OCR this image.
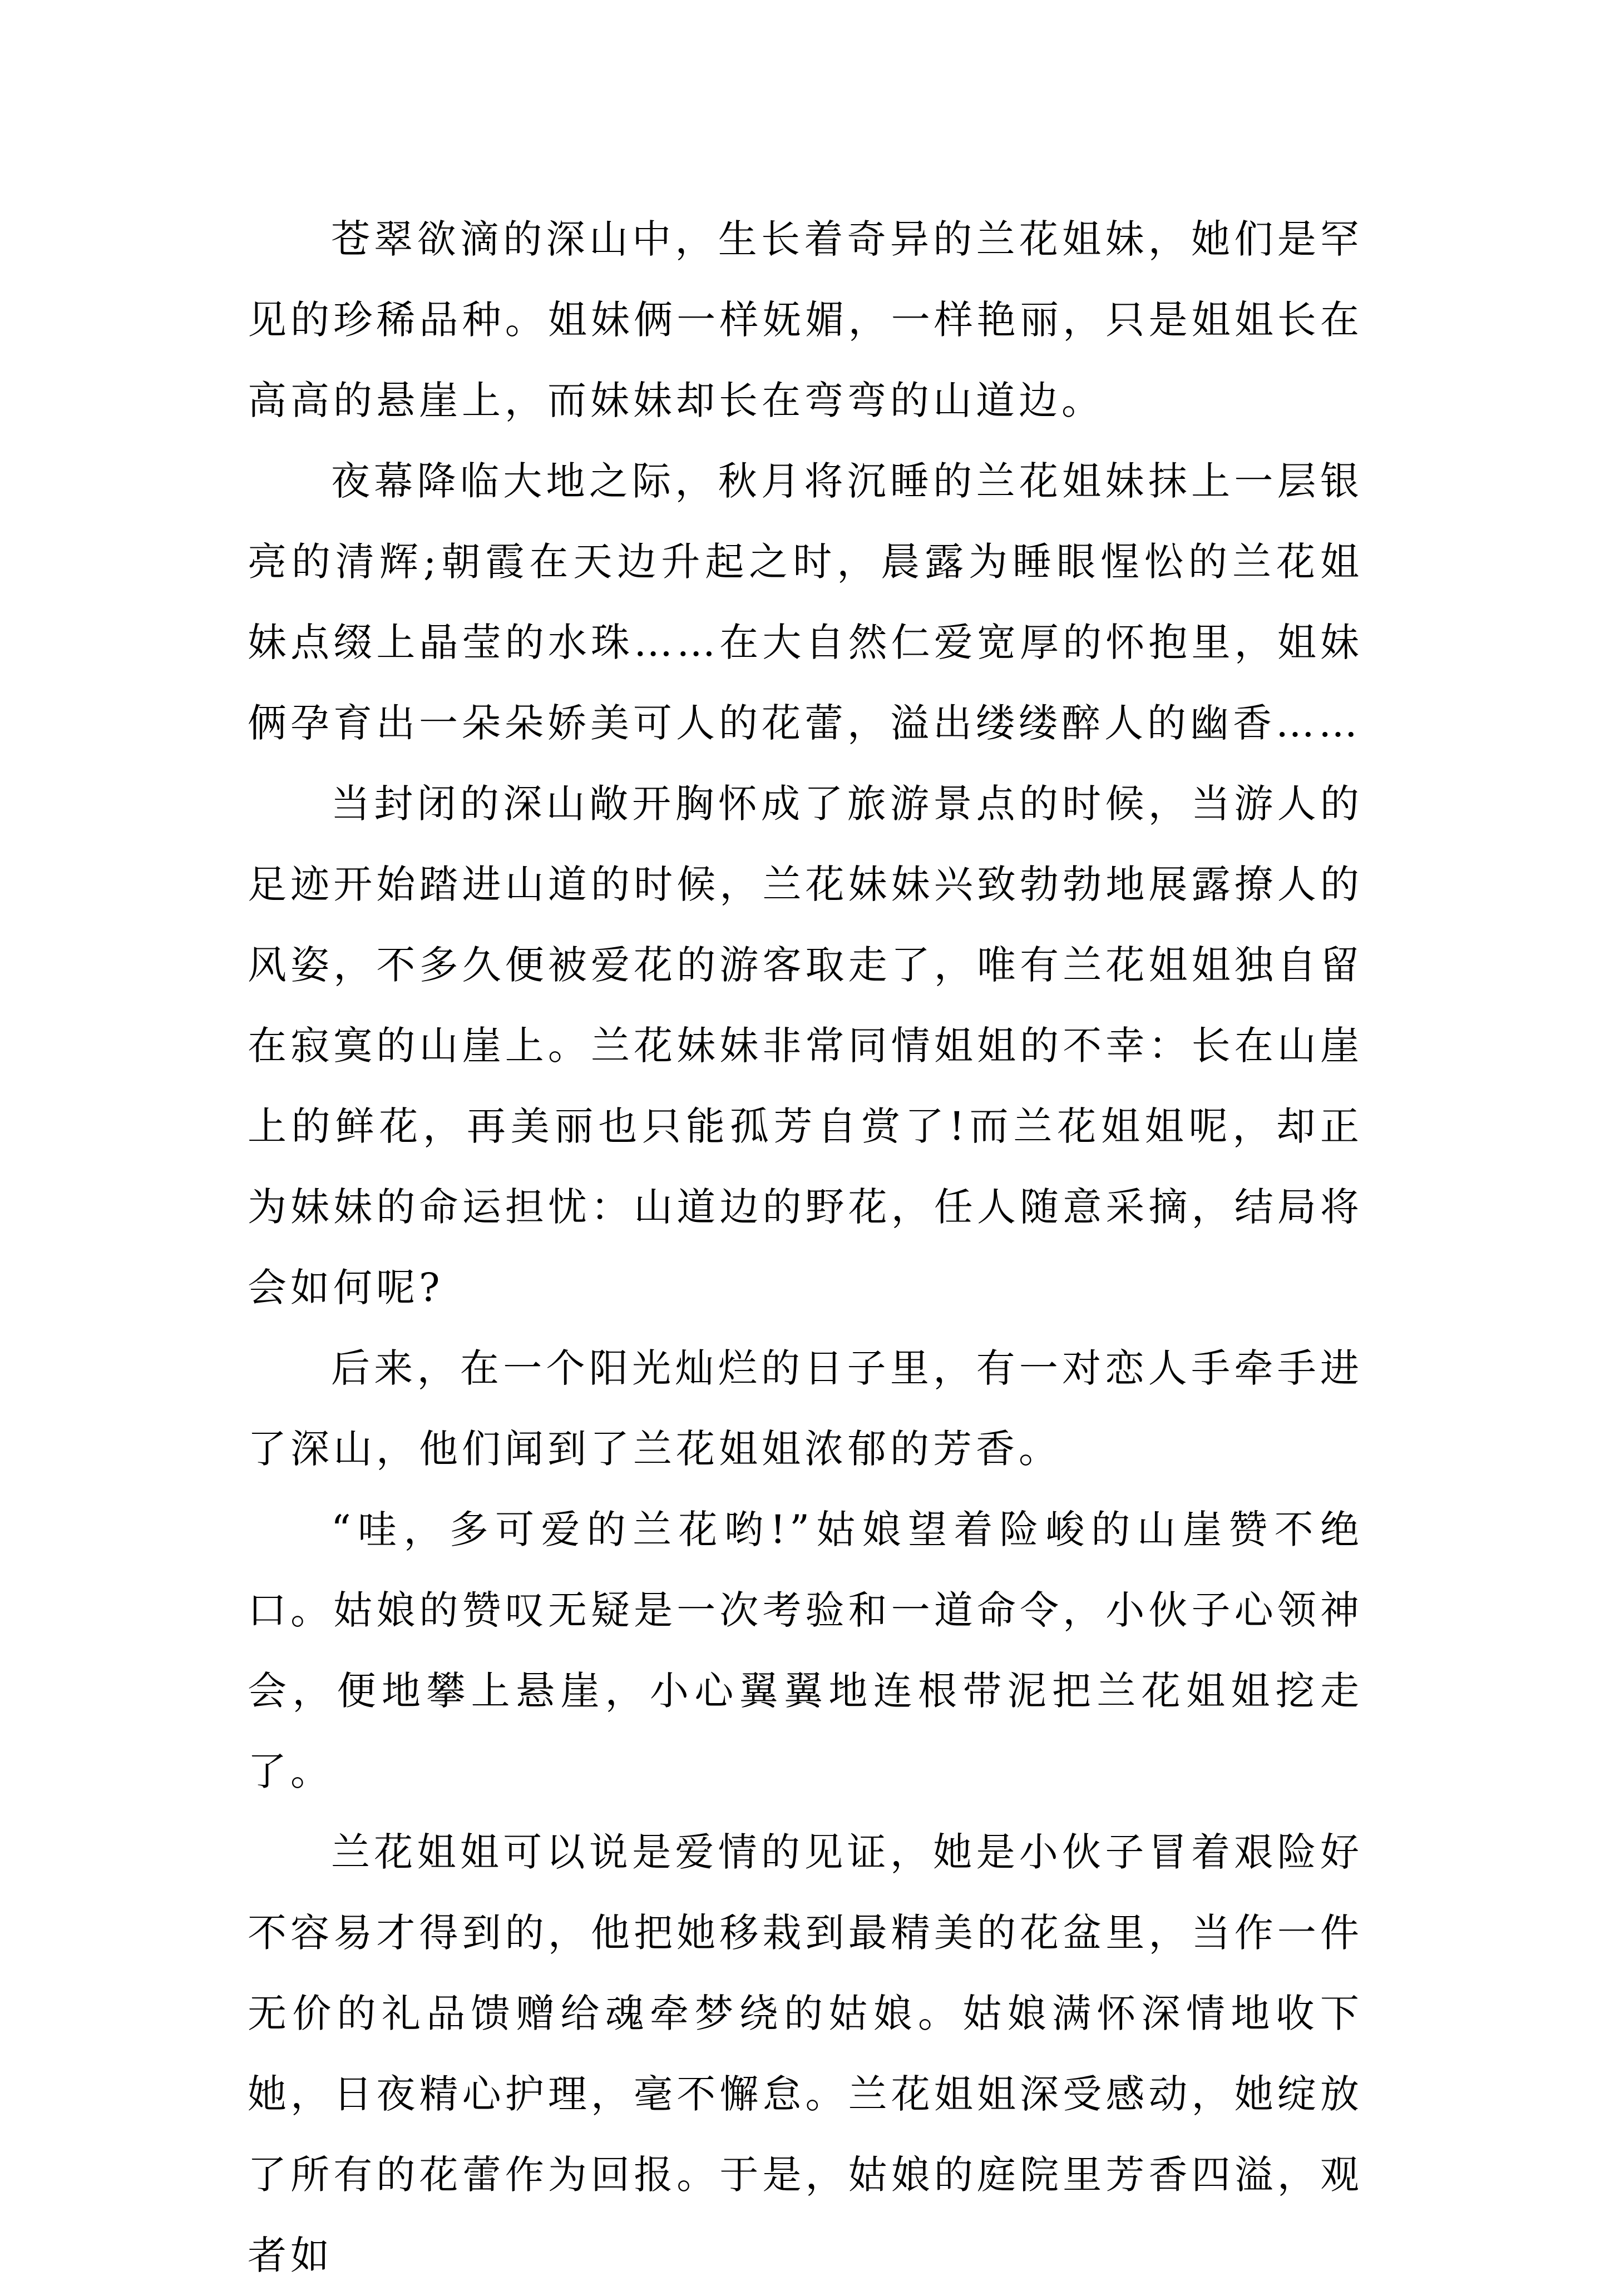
苍翠欲滴的深山中，生长着奇异的兰花姐妹，她们是罕见的珍稀品种。姐妹俩一样妩媚，一样艳丽，只是姐姐长在高高的悬崖上，而妹妹却长在弯弯的山道边。

夜幕降临大地之际，秋月将沉睡的兰花姐妹抹上一层银亮的清辉;朝霞在天边升起之时，晨露为睡眼惺忪的兰花姐妹点缀上晶莹的水珠……在大自然仁爱宽厚的怀抱里，姐妹俩孕育出一朵朵娇美可人的花蕾，溢出缕缕醉人的幽香……

当封闭的深山敞开胸怀成了旅游景点的时候，当游人的足迹开始踏进山道的时候，兰花妹妹兴致勃勃地展露撩人的风姿，不多久便被爱花的游客取走了，唯有兰花姐姐独自留在寂寞的山崖上。兰花妹妹非常同情姐姐的不幸：长在山崖上的鲜花，再美丽也只能孤芳自赏了!而兰花姐姐呢，却正为妹妹的命运担忧：山道边的野花，任人随意采摘，结局将会如何呢?

后来，在一个阳光灿烂的日子里，有一对恋人手牵手进了深山，他们闻到了兰花姐姐浓郁的芳香。

“哇，多可爱的兰花哟!”姑娘望着险峻的山崖赞不绝口。姑娘的赞叹无疑是一次考验和一道命令，小伙子心领神会，便地攀上悬崖，小心翼翼地连根带泥把兰花姐姐挖走了。

兰花姐姐可以说是爱情的见证，她是小伙子冒着艰险好不容易才得到的，他把她移栽到最精美的花盆里，当作一件无价的礼品馈赠给魂牵梦绕的姑娘。姑娘满怀深情地收下她，日夜精心护理，毫不懈怠。兰花姐姐深受感动，她绽放了所有的花蕾作为回报。于是，姑娘的庭院里芳香四溢，观者如
